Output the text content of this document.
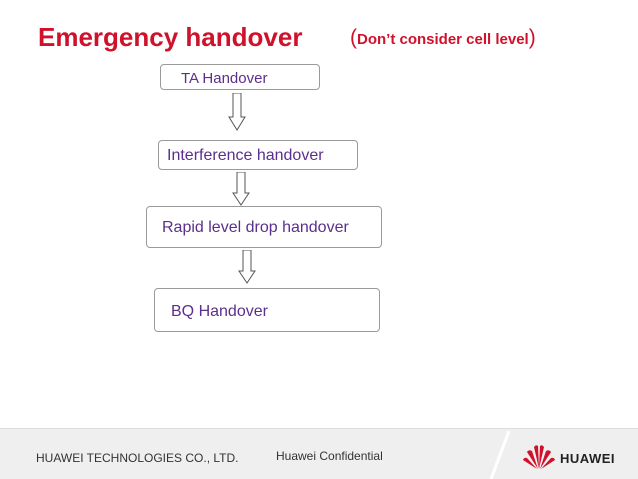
Emergency handover (Don’t consider cell level)
TA Handover
Interference handover
Rapid level drop handover
BQ Handover
HUAWEI TECHNOLOGIES CO., LTD.	Huawei Confidential	HUAWEI
